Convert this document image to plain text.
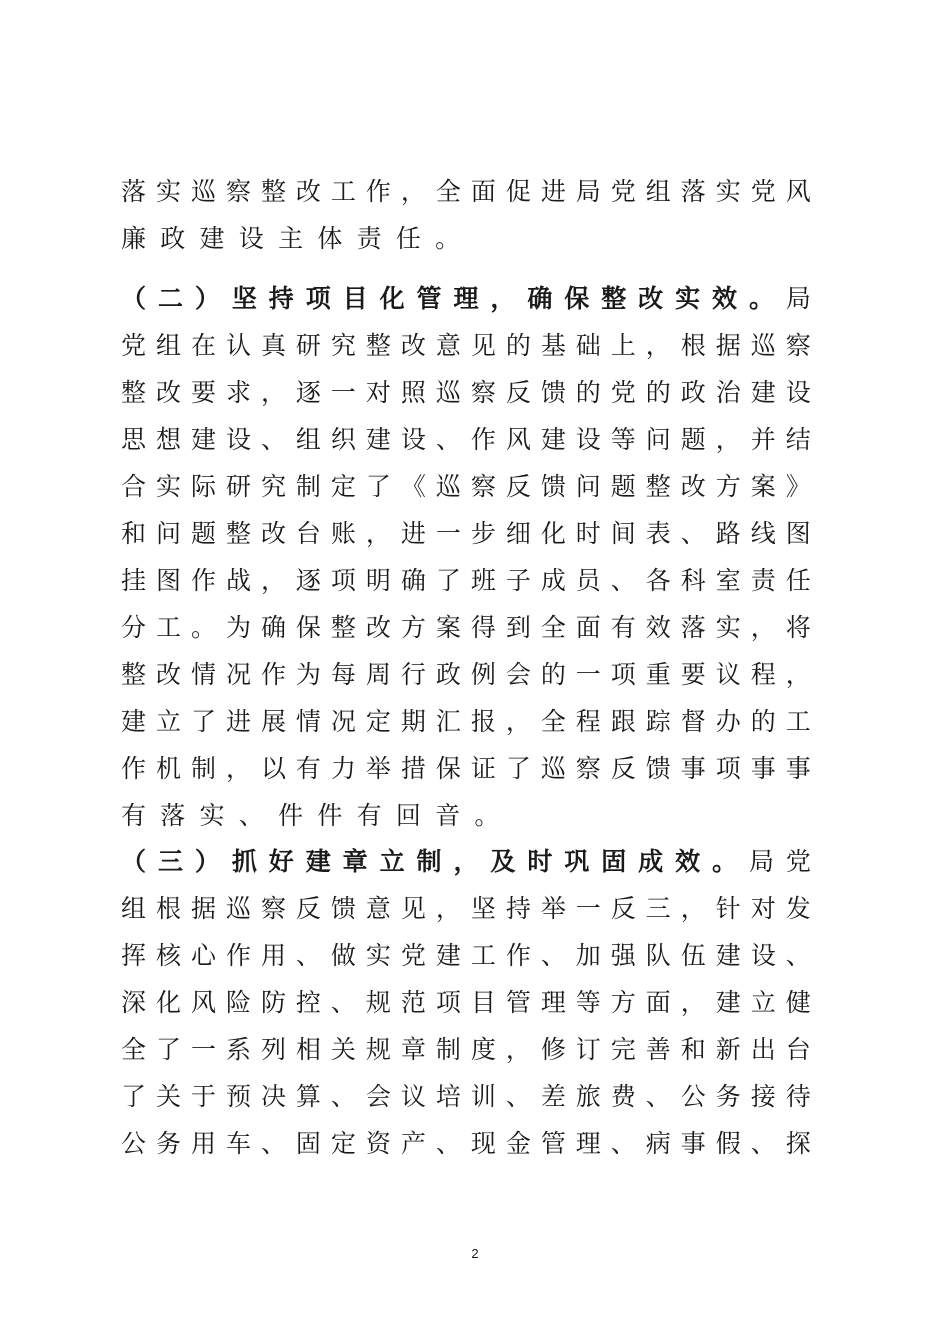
落 实 巡 察 整 改 工 作 ， 全 面 促 进 局 党 组 落 实 党 风
廉 政 建 设 主 体 责 任 。
（ 二 ） 坚 持 项 目 化 管 理 ， 确 保 整 改 实 效 。 局
党 组 在 认 真 研 究 整 改 意 见 的 基 础 上 ， 根 据 巡 察
整 改 要 求 ， 逐 一 对 照 巡 察 反 馈 的 党 的 政 治 建 设
思 想 建 设 、 组 织 建 设 、 作 风 建 设 等 问 题 ， 并 结
合 实 际 研 究 制 定 了 《 巡 察 反 馈 问 题 整 改 方 案 》
和 问 题 整 改 台 账 ， 进 一 步 细 化 时 间 表 、 路 线 图
挂 图 作 战 ， 逐 项 明 确 了 班 子 成 员 、 各 科 室 责 任
分 工 。 为 确 保 整 改 方 案 得 到 全 面 有 效 落 实 ， 将
整 改 情 况 作 为 每 周 行 政 例 会 的 一 项 重 要 议 程 ，
建 立 了 进 展 情 况 定 期 汇 报 ， 全 程 跟 踪 督 办 的 工
作 机 制 ， 以 有 力 举 措 保 证 了 巡 察 反 馈 事 项 事 事
有 落 实 、 件 件 有 回 音 。
（ 三 ） 抓 好 建 章 立 制 ， 及 时 巩 固 成 效 。 局 党
组 根 据 巡 察 反 馈 意 见 ， 坚 持 举 一 反 三 ， 针 对 发
挥 核 心 作 用 、 做 实 党 建 工 作 、 加 强 队 伍 建 设 、
深 化 风 险 防 控 、 规 范 项 目 管 理 等 方 面 ， 建 立 健
全 了 一 系 列 相 关 规 章 制 度 ， 修 订 完 善 和 新 出 台
了 关 于 预 决 算 、 会 议 培 训 、 差 旅 费 、 公 务 接 待
公 务 用 车 、 固 定 资 产 、 现 金 管 理 、 病 事 假 、 探
2
